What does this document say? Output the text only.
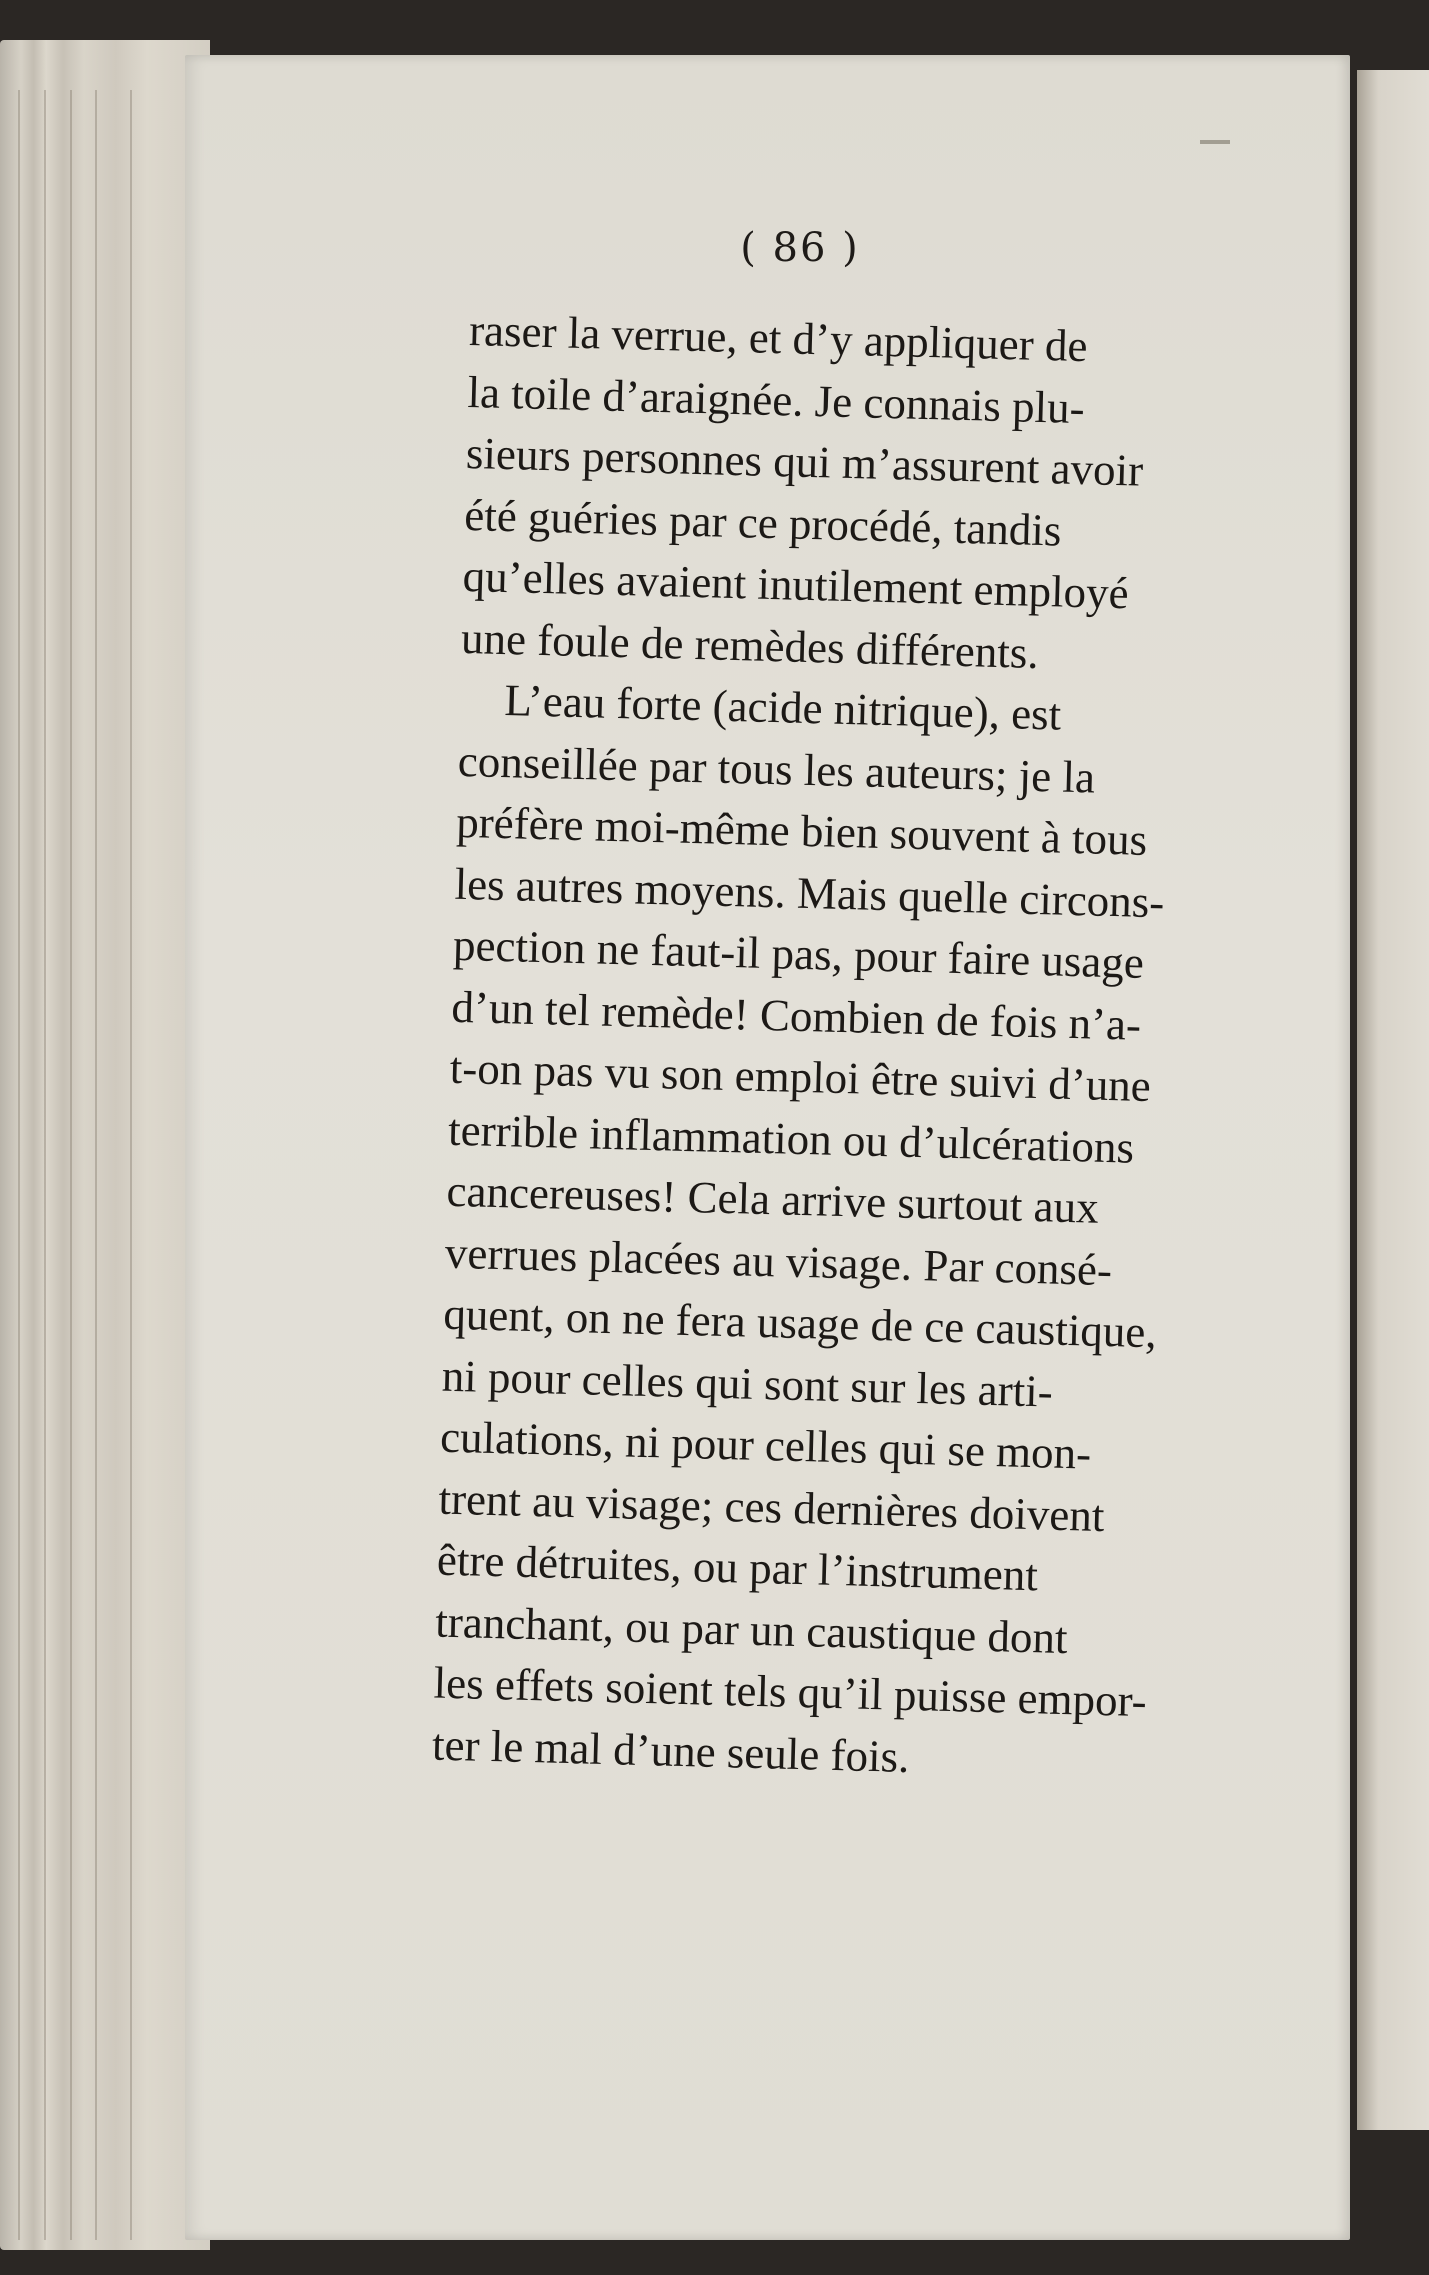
( 86 )
raser la verrue, et d’y appliquer de
la toile d’araignée. Je connais plu-
sieurs personnes qui m’assurent avoir
été guéries par ce procédé, tandis
qu’elles avaient inutilement employé
une foule de remèdes différents.
L’eau forte (acide nitrique), est
conseillée par tous les auteurs; je la
préfère moi-même bien souvent à tous
les autres moyens. Mais quelle circons-
pection ne faut-il pas, pour faire usage
d’un tel remède! Combien de fois n’a-
t-on pas vu son emploi être suivi d’une
terrible inflammation ou d’ulcérations
cancereuses! Cela arrive surtout aux
verrues placées au visage. Par consé-
quent, on ne fera usage de ce caustique,
ni pour celles qui sont sur les arti-
culations, ni pour celles qui se mon-
trent au visage; ces dernières doivent
être détruites, ou par l’instrument
tranchant, ou par un caustique dont
les effets soient tels qu’il puisse empor-
ter le mal d’une seule fois.
